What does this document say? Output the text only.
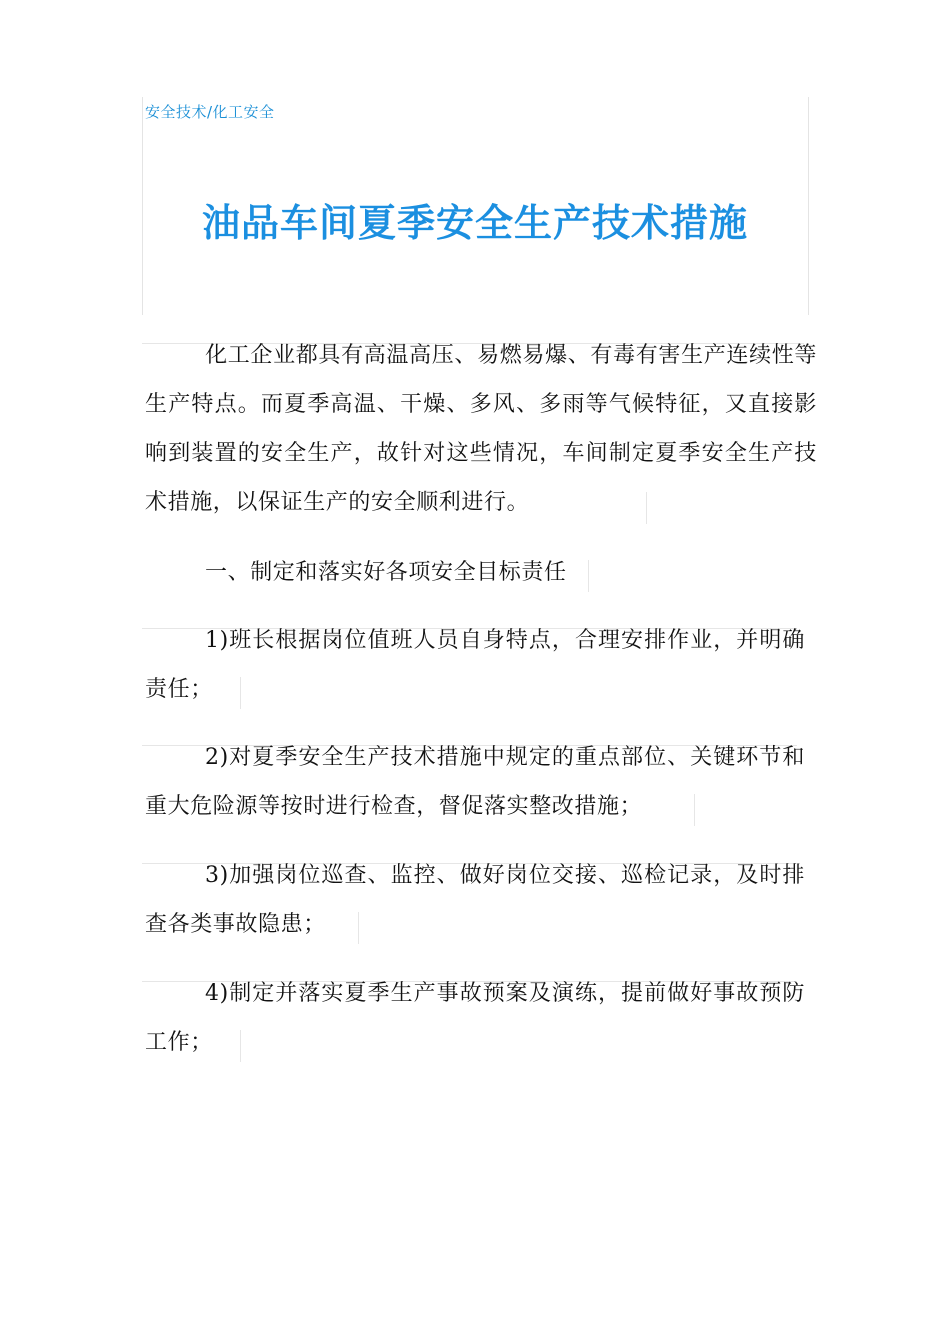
安全技术/化工安全
油品车间夏季安全生产技术措施
化工企业都具有高温高压、易燃易爆、有毒有害生产连续性等生产特点。而夏季高温、干燥、多风、多雨等气候特征，又直接影响到装置的安全生产，故针对这些情况，车间制定夏季安全生产技术措施，以保证生产的安全顺利进行。
一、制定和落实好各项安全目标责任
1)班长根据岗位值班人员自身特点，合理安排作业，并明确责任；
2)对夏季安全生产技术措施中规定的重点部位、关键环节和重大危险源等按时进行检查，督促落实整改措施；
3)加强岗位巡查、监控、做好岗位交接、巡检记录，及时排查各类事故隐患；
4)制定并落实夏季生产事故预案及演练，提前做好事故预防工作；
